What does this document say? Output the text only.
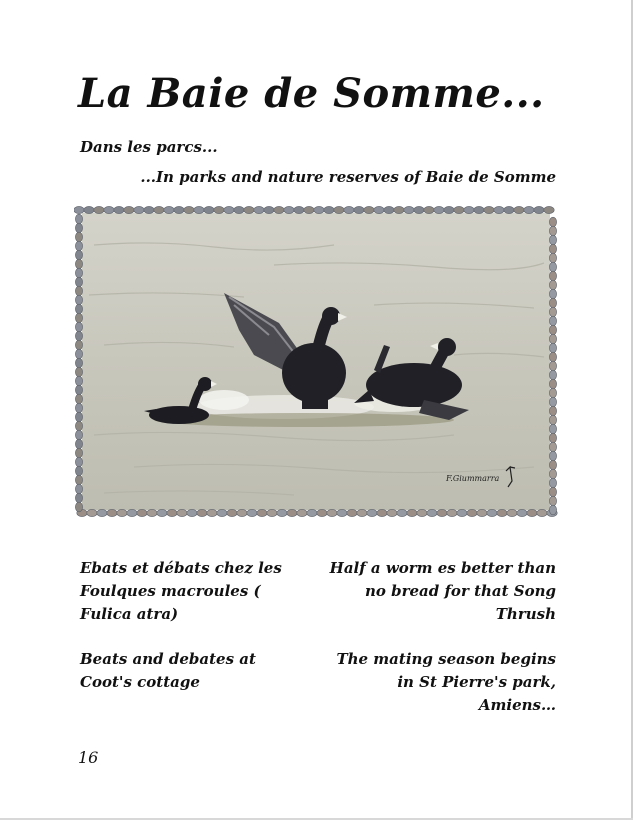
La Baie de Somme...
Dans les parcs...
...In parks and nature reserves of Baie de Somme
F.Giummarra

Ebats et débats chez les Foulques macroules ( Fulica atra)

Beats and debates at Coot's cottage

Half a worm es better than no bread for that Song Thrush

The mating season begins in St Pierre's park, Amiens…

16
